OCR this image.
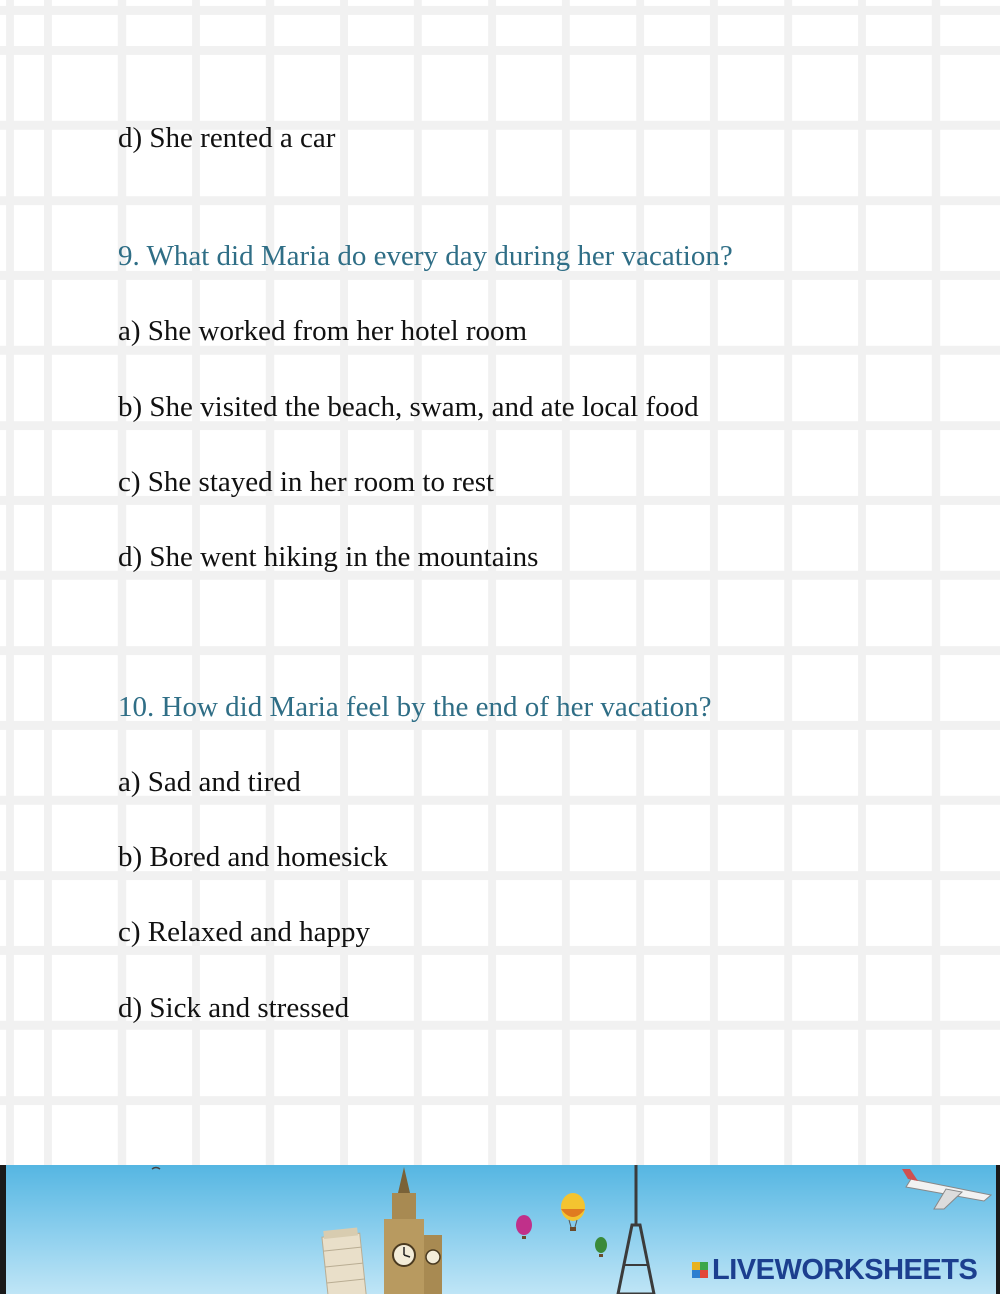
d) She rented a car
9. What did Maria do every day during her vacation?
a) She worked from her hotel room
b) She visited the beach, swam, and ate local food
c) She stayed in her room to rest
d) She went hiking in the mountains
10. How did Maria feel by the end of her vacation?
a) Sad and tired
b) Bored and homesick
c) Relaxed and happy
d) Sick and stressed
LIVEWORKSHEETS
